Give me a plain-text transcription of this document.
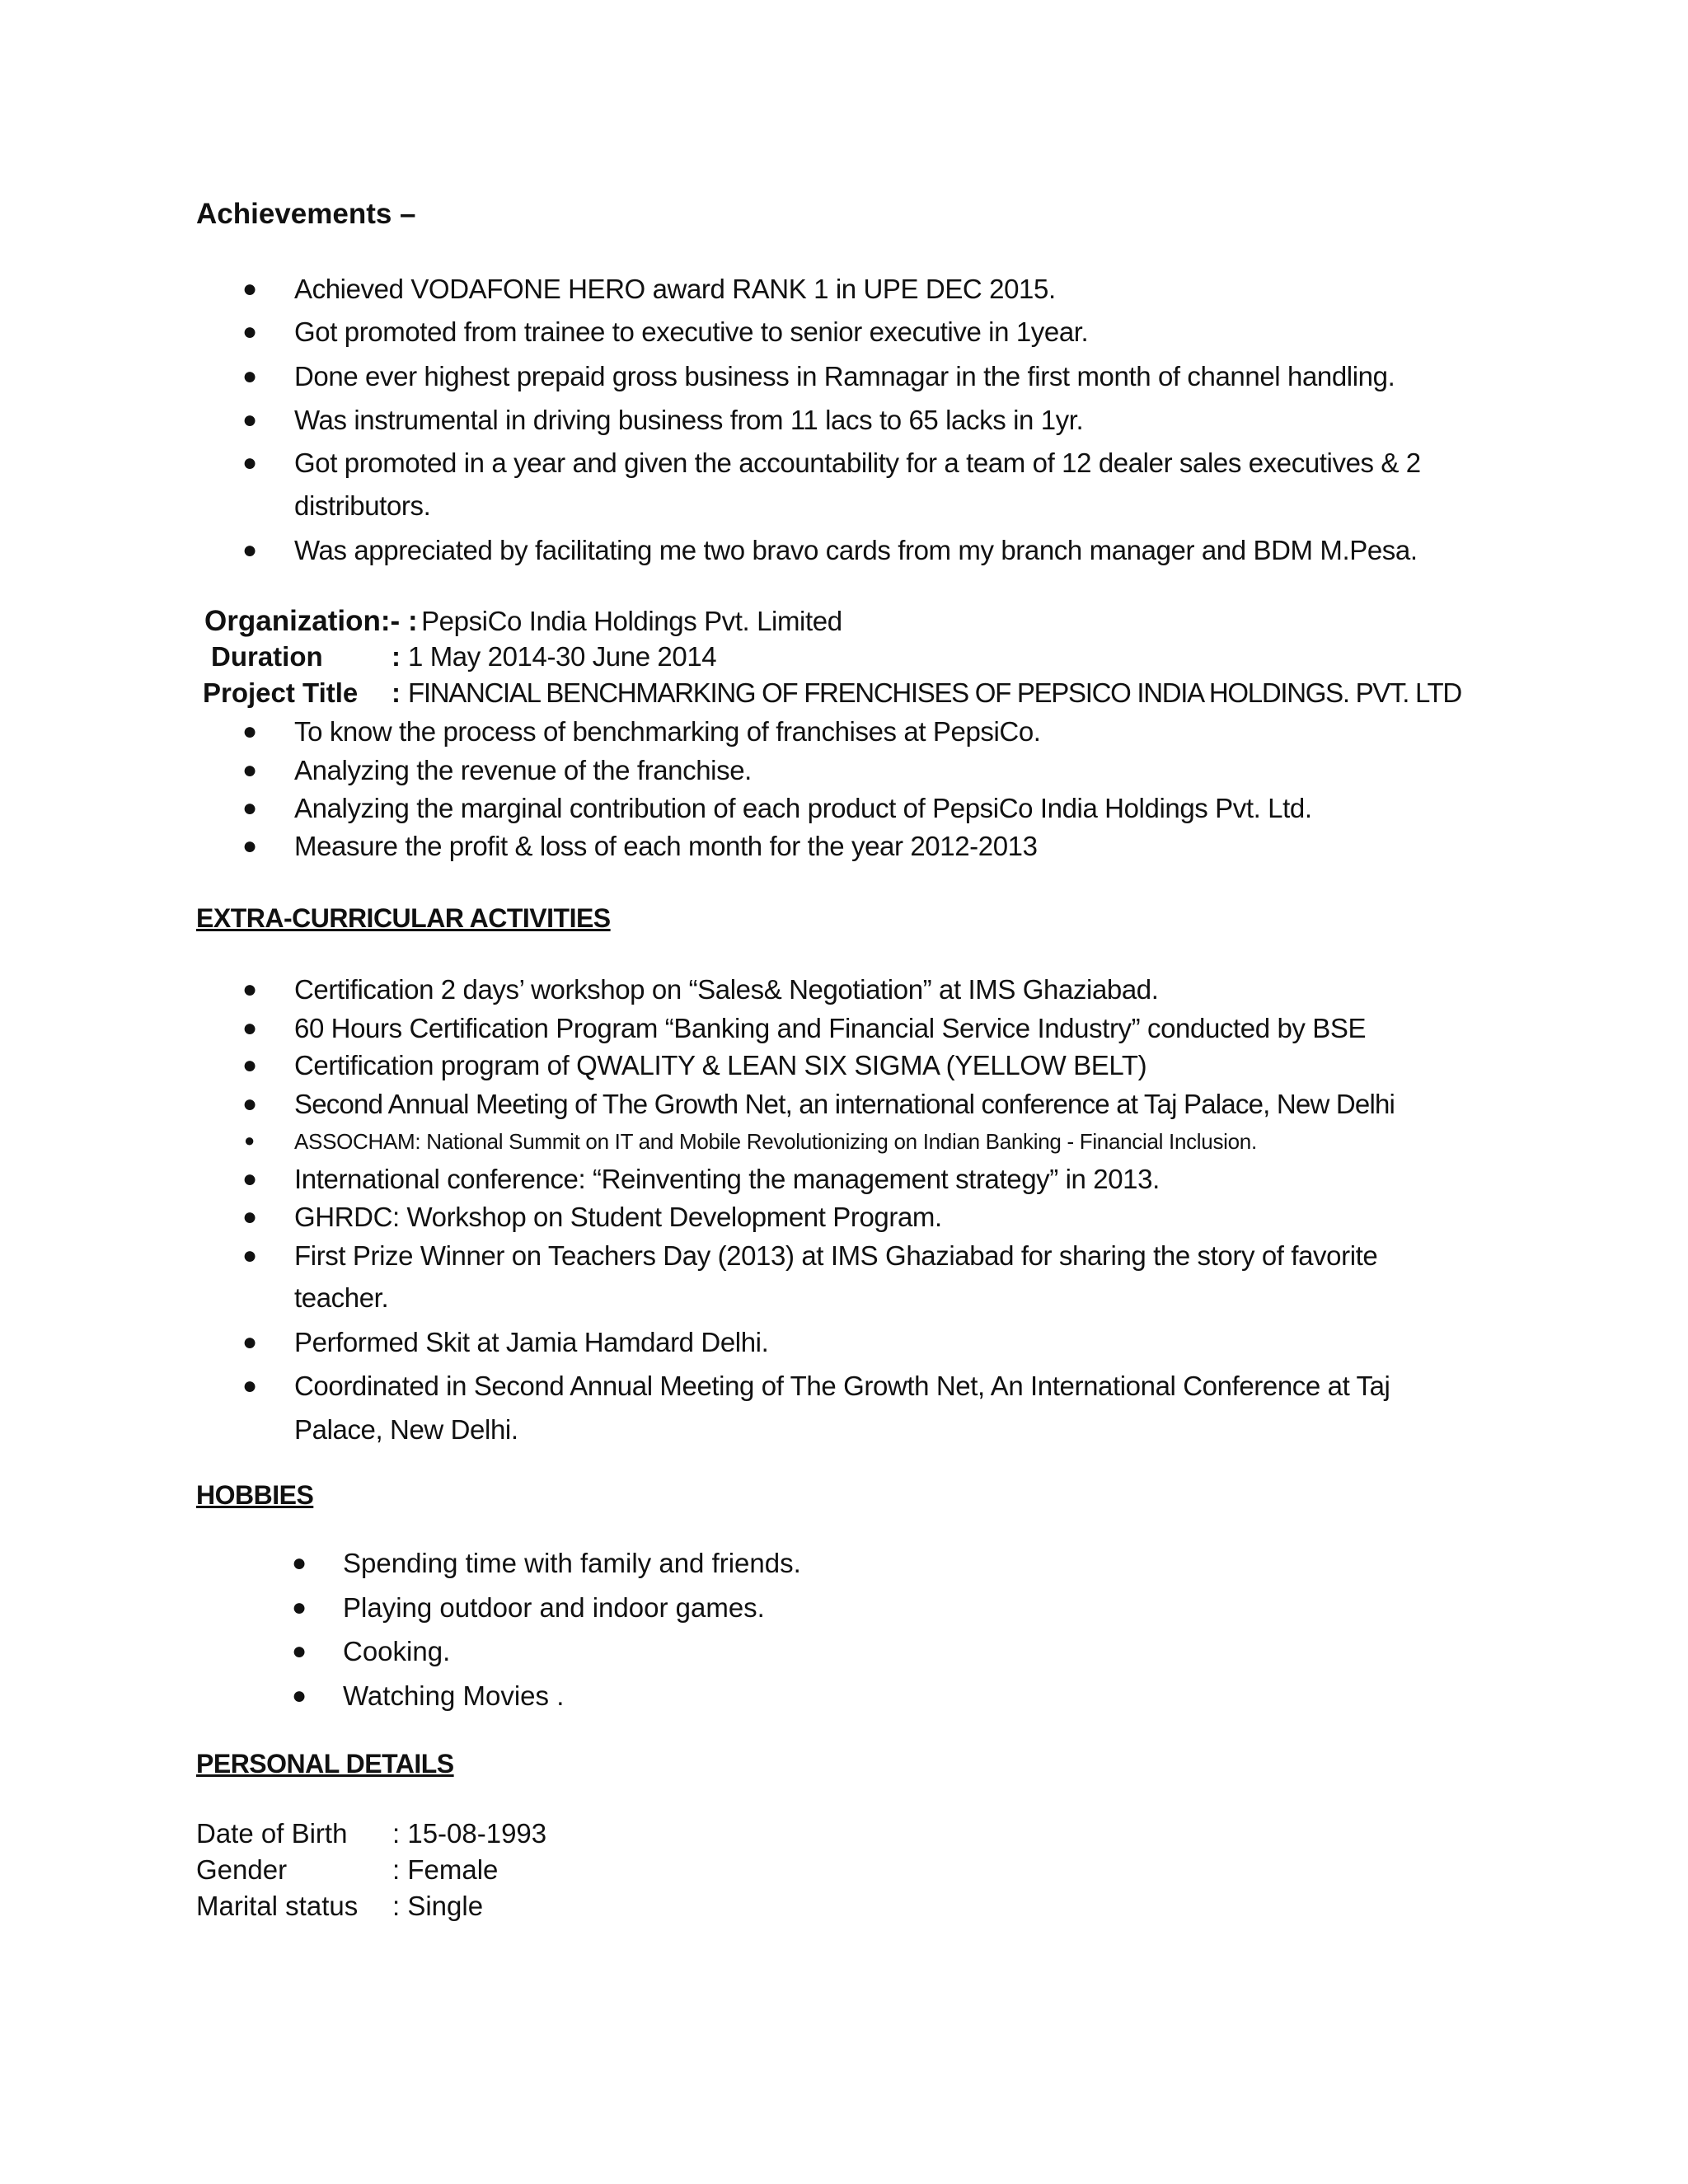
Achievements –
● Achieved VODAFONE HERO award RANK 1 in UPE DEC 2015.
● Got promoted from trainee to executive to senior executive in 1year.
● Done ever highest prepaid gross business in Ramnagar in the first month of channel handling.
● Was instrumental in driving business from 11 lacs to 65 lacks in 1yr.
● Got promoted in a year and given the accountability for a team of 12 dealer sales executives & 2
distributors.
● Was appreciated by facilitating me two bravo cards from my branch manager and BDM M.Pesa.
Organization:- : PepsiCo India Holdings Pvt. Limited
Duration	: 1 May 2014-30 June 2014
Project Title : FINANCIAL BENCHMARKING OF FRENCHISES OF PEPSICO INDIA HOLDINGS. PVT. LTD
● To know the process of benchmarking of franchises at PepsiCo.
● Analyzing the revenue of the franchise.
● Analyzing the marginal contribution of each product of PepsiCo India Holdings Pvt. Ltd.
● Measure the profit & loss of each month for the year 2012-2013
EXTRA-CURRICULAR ACTIVITIES
● Certification 2 days’ workshop on “Sales& Negotiation” at IMS Ghaziabad.
● 60 Hours Certification Program “Banking and Financial Service Industry” conducted by BSE
● Certification program of QWALITY & LEAN SIX SIGMA (YELLOW BELT)
● Second Annual Meeting of The Growth Net, an international conference at Taj Palace, New Delhi
● ASSOCHAM: National Summit on IT and Mobile Revolutionizing on Indian Banking - Financial Inclusion.
● International conference: “Reinventing the management strategy” in 2013.
● GHRDC: Workshop on Student Development Program.
● First Prize Winner on Teachers Day (2013) at IMS Ghaziabad for sharing the story of favorite
teacher.
● Performed Skit at Jamia Hamdard Delhi.
● Coordinated in Second Annual Meeting of The Growth Net, An International Conference at Taj
Palace, New Delhi.
HOBBIES
● Spending time with family and friends.
● Playing outdoor and indoor games.
● Cooking.
● Watching Movies .
PERSONAL DETAILS
Date of Birth : 15-08-1993
Gender	: Female
Marital status : Single
